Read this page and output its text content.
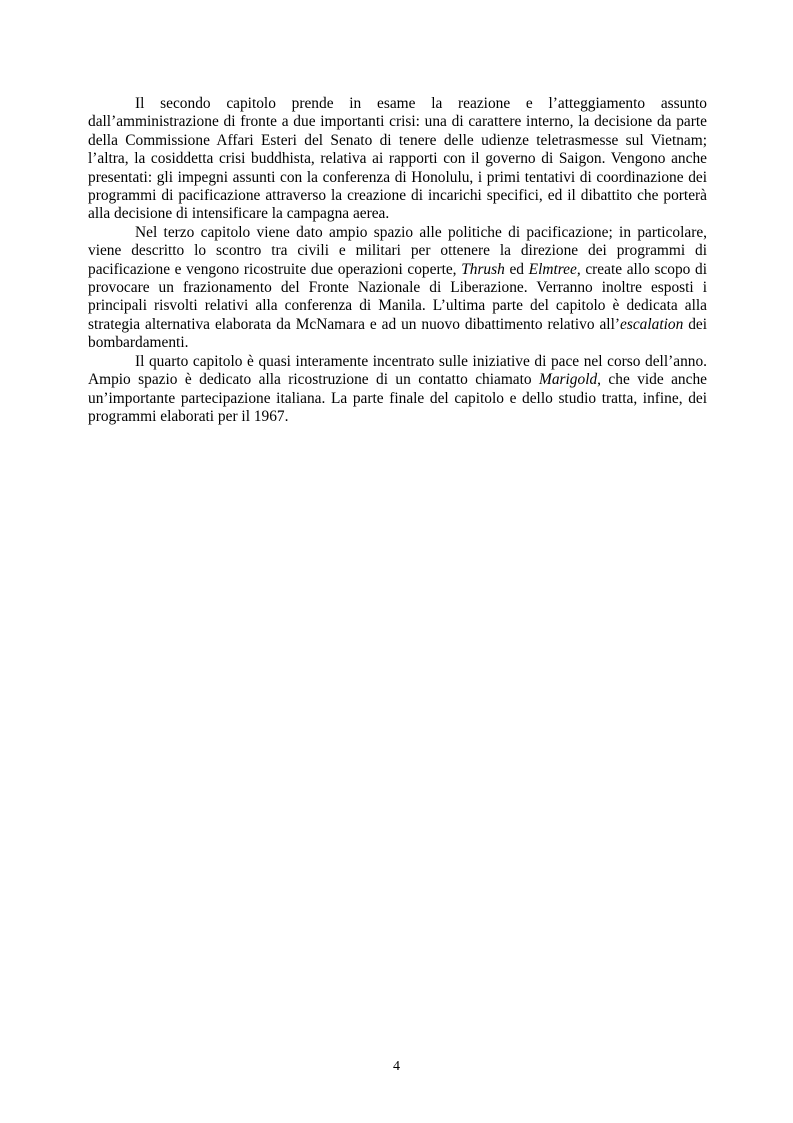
Il secondo capitolo prende in esame la reazione e l’atteggiamento assunto dall’amministrazione di fronte a due importanti crisi: una di carattere interno, la decisione da parte della Commissione Affari Esteri del Senato di tenere delle udienze teletrasmesse sul Vietnam; l’altra, la cosiddetta crisi buddhista, relativa ai rapporti con il governo di Saigon. Vengono anche presentati: gli impegni assunti con la conferenza di Honolulu, i primi tentativi di coordinazione dei programmi di pacificazione attraverso la creazione di incarichi specifici, ed il dibattito che porterà alla decisione di intensificare la campagna aerea.

Nel terzo capitolo viene dato ampio spazio alle politiche di pacificazione; in particolare, viene descritto lo scontro tra civili e militari per ottenere la direzione dei programmi di pacificazione e vengono ricostruite due operazioni coperte, Thrush ed Elmtree, create allo scopo di provocare un frazionamento del Fronte Nazionale di Liberazione. Verranno inoltre esposti i principali risvolti relativi alla conferenza di Manila. L’ultima parte del capitolo è dedicata alla strategia alternativa elaborata da McNamara e ad un nuovo dibattimento relativo all’escalation dei bombardamenti.

Il quarto capitolo è quasi interamente incentrato sulle iniziative di pace nel corso dell’anno. Ampio spazio è dedicato alla ricostruzione di un contatto chiamato Marigold, che vide anche un’importante partecipazione italiana. La parte finale del capitolo e dello studio tratta, infine, dei programmi elaborati per il 1967.

4
